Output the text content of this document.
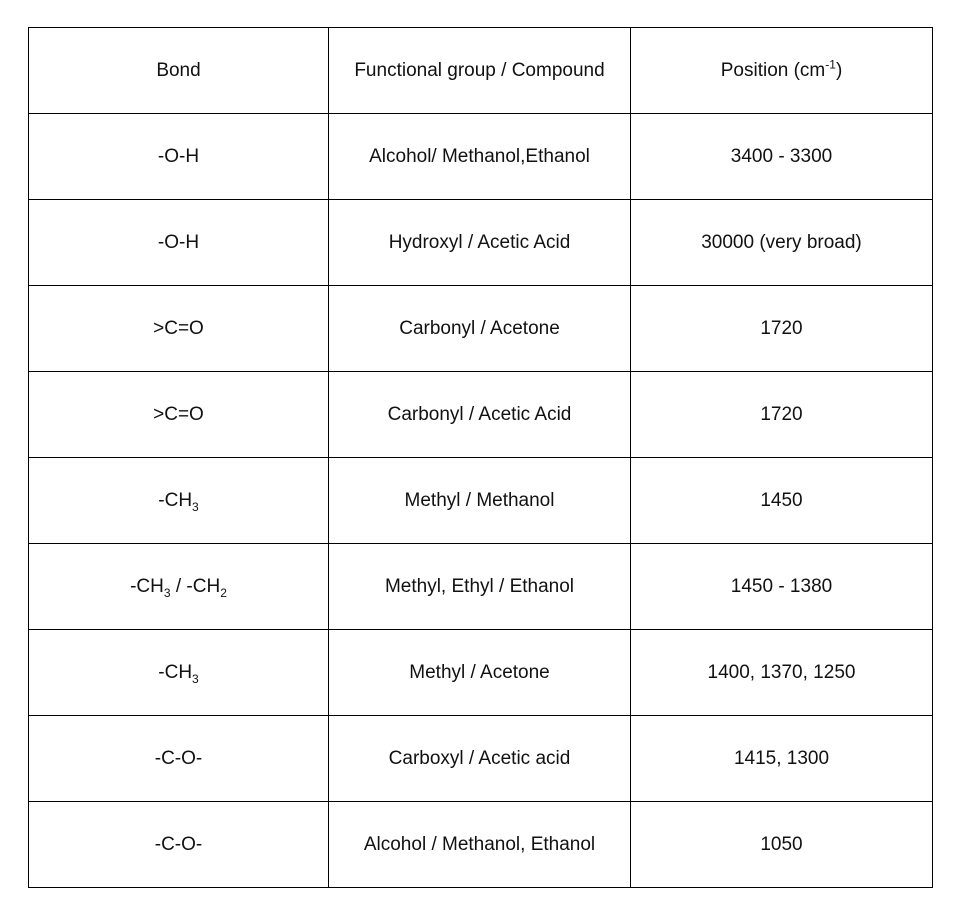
Bond	Functional group / Compound	Position $(cm^{-1})$
-O-H	Alcohol/ Methanol,Ethanol	3400 - 3300
-O-H	Hydroxyl / Acetic Acid	30000 (very broad)
>C=O	Carbonyl / Acetone	1720
>C=O	Carbonyl / Acetic Acid	1720
$-CH_3$	Methyl / Methanol	1450
$-CH_3 / -CH_2$	Methyl, Ethyl / Ethanol	1450 - 1380
$-CH_3$	Methyl / Acetone	1400, 1370, 1250
-C-O-	Carboxyl / Acetic acid	1415, 1300
-C-O-	Alcohol / Methanol, Ethanol	1050
